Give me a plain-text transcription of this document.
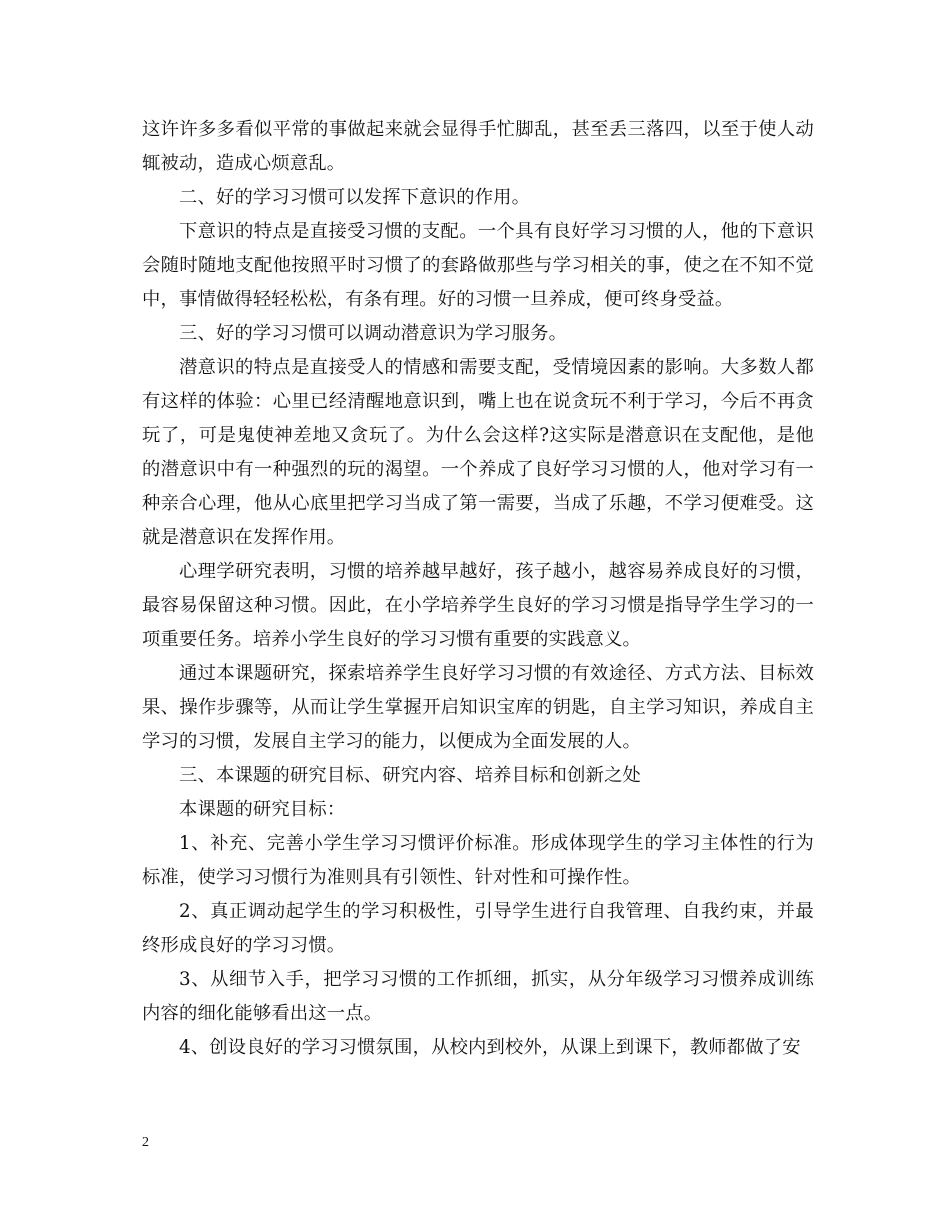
这许许多多看似平常的事做起来就会显得手忙脚乱，甚至丢三落四，以至于使人动辄被动，造成心烦意乱。

二、好的学习习惯可以发挥下意识的作用。

下意识的特点是直接受习惯的支配。一个具有良好学习习惯的人，他的下意识会随时随地支配他按照平时习惯了的套路做那些与学习相关的事，使之在不知不觉中，事情做得轻轻松松，有条有理。好的习惯一旦养成，便可终身受益。

三、好的学习习惯可以调动潜意识为学习服务。

潜意识的特点是直接受人的情感和需要支配，受情境因素的影响。大多数人都有这样的体验：心里已经清醒地意识到，嘴上也在说贪玩不利于学习，今后不再贪玩了，可是鬼使神差地又贪玩了。为什么会这样?这实际是潜意识在支配他，是他的潜意识中有一种强烈的玩的渴望。一个养成了良好学习习惯的人，他对学习有一种亲合心理，他从心底里把学习当成了第一需要，当成了乐趣，不学习便难受。这就是潜意识在发挥作用。

心理学研究表明，习惯的培养越早越好，孩子越小，越容易养成良好的习惯，最容易保留这种习惯。因此，在小学培养学生良好的学习习惯是指导学生学习的一项重要任务。培养小学生良好的学习习惯有重要的实践意义。

通过本课题研究，探索培养学生良好学习习惯的有效途径、方式方法、目标效果、操作步骤等，从而让学生掌握开启知识宝库的钥匙，自主学习知识，养成自主学习的习惯，发展自主学习的能力，以便成为全面发展的人。

三、本课题的研究目标、研究内容、培养目标和创新之处

本课题的研究目标：

1、补充、完善小学生学习习惯评价标准。形成体现学生的学习主体性的行为标准，使学习习惯行为准则具有引领性、针对性和可操作性。

2、真正调动起学生的学习积极性，引导学生进行自我管理、自我约束，并最终形成良好的学习习惯。

3、从细节入手，把学习习惯的工作抓细，抓实，从分年级学习习惯养成训练内容的细化能够看出这一点。

4、创设良好的学习习惯氛围，从校内到校外，从课上到课下，教师都做了安

2
